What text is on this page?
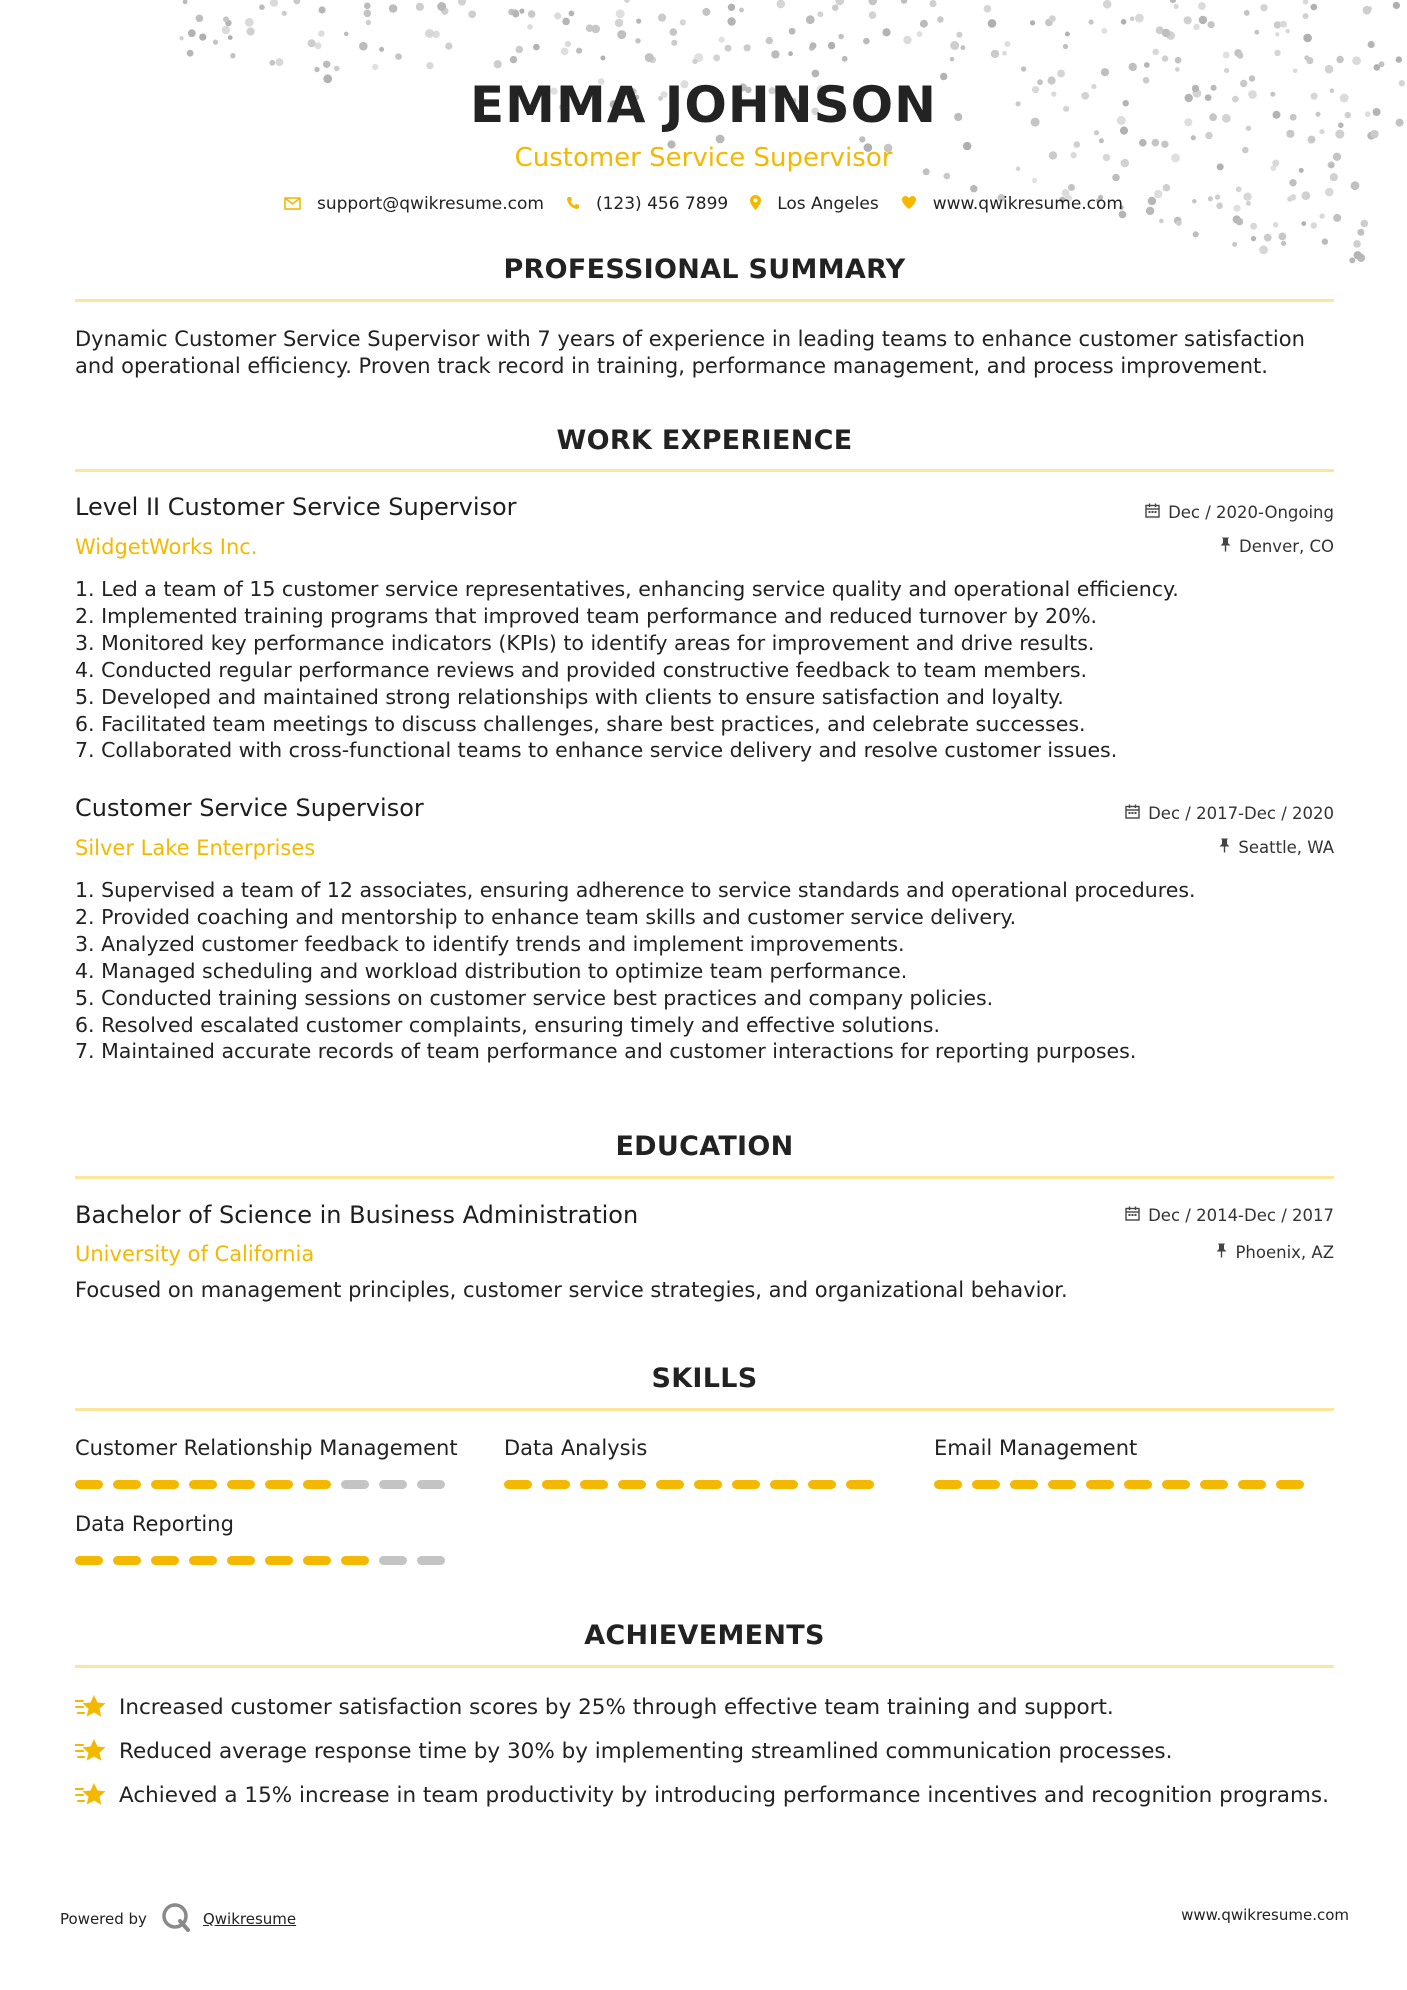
EMMA JOHNSON
Customer Service Supervisor
support@qwikresume.com	(123) 456 7899	Los Angeles	www.qwikresume.com
PROFESSIONAL SUMMARY
Dynamic Customer Service Supervisor with 7 years of experience in leading teams to enhance customer satisfaction
and operational efficiency. Proven track record in training, performance management, and process improvement.
WORK EXPERIENCE
Level II Customer Service Supervisor	Dec / 2020-Ongoing
WidgetWorks Inc.	Denver, CO
1. Led a team of 15 customer service representatives, enhancing service quality and operational efficiency.
2. Implemented training programs that improved team performance and reduced turnover by 20%.
3. Monitored key performance indicators (KPIs) to identify areas for improvement and drive results.
4. Conducted regular performance reviews and provided constructive feedback to team members.
5. Developed and maintained strong relationships with clients to ensure satisfaction and loyalty.
6. Facilitated team meetings to discuss challenges, share best practices, and celebrate successes.
7. Collaborated with cross-functional teams to enhance service delivery and resolve customer issues.
Customer Service Supervisor	Dec / 2017-Dec / 2020
Silver Lake Enterprises	Seattle, WA
1. Supervised a team of 12 associates, ensuring adherence to service standards and operational procedures.
2. Provided coaching and mentorship to enhance team skills and customer service delivery.
3. Analyzed customer feedback to identify trends and implement improvements.
4. Managed scheduling and workload distribution to optimize team performance.
5. Conducted training sessions on customer service best practices and company policies.
6. Resolved escalated customer complaints, ensuring timely and effective solutions.
7. Maintained accurate records of team performance and customer interactions for reporting purposes.
EDUCATION
Bachelor of Science in Business Administration	Dec / 2014-Dec / 2017
University of California	Phoenix, AZ
Focused on management principles, customer service strategies, and organizational behavior.
SKILLS
Customer Relationship Management	Data Analysis	Email Management
Data Reporting
ACHIEVEMENTS
Increased customer satisfaction scores by 25% through effective team training and support.
Reduced average response time by 30% by implementing streamlined communication processes.
Achieved a 15% increase in team productivity by introducing performance incentives and recognition programs.
Powered by	Qwikresume	www.qwikresume.com
